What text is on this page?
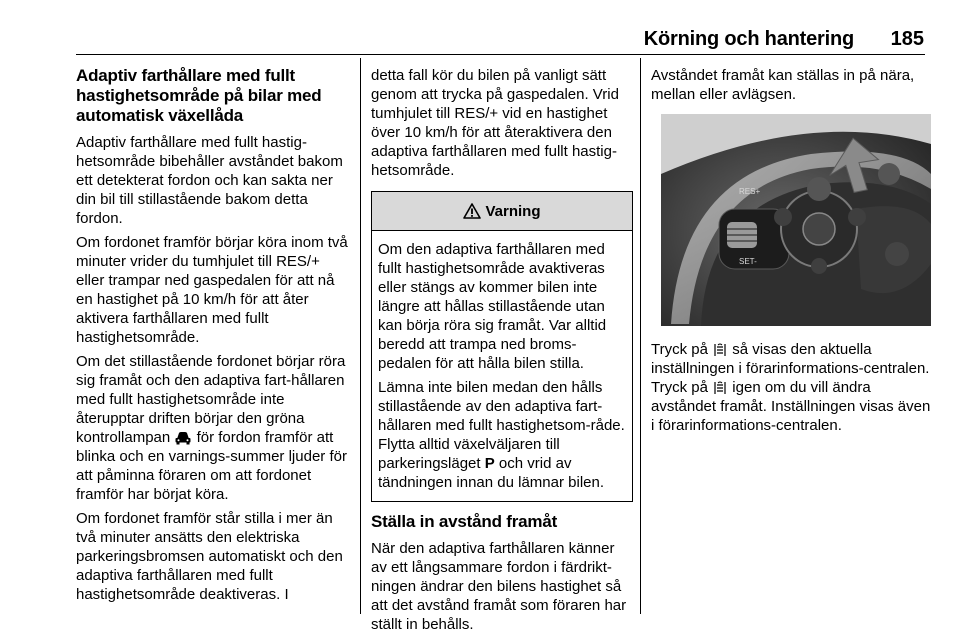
Körning och hantering 185
Adaptiv farthållare med fullt hastighetsområde på bilar med automatisk växellåda

Adaptiv farthållare med fullt hastig-hetsområde bibehåller avståndet bakom ett detekterat fordon och kan sakta ner din bil till stillastående bakom detta fordon.

Om fordonet framför börjar köra inom två minuter vrider du tumhjulet till RES/+ eller trampar ned gaspedalen för att nå en hastighet på 10 km/h för att åter aktivera farthållaren med fullt hastighetsområde.

Om det stillastående fordonet börjar röra sig framåt och den adaptiva fart-hållaren med fullt hastighetsområde inte återupptar driften börjar den gröna kontrollampan för fordon framför att blinka och en varnings-summer ljuder för att påminna föraren om att fordonet framför har börjat köra.

Om fordonet framför står stilla i mer än två minuter ansätts den elektriska parkeringsbromsen automatiskt och den adaptiva farthållaren med fullt hastighetsområde deaktiveras. I

detta fall kör du bilen på vanligt sätt genom att trycka på gaspedalen. Vrid tumhjulet till RES/+ vid en hastighet över 10 km/h för att återaktivera den adaptiva farthållaren med fullt hastig-hetsområde.

Varning

Om den adaptiva farthållaren med fullt hastighetsområde avaktiveras eller stängs av kommer bilen inte längre att hållas stillastående utan kan börja röra sig framåt. Var alltid beredd att trampa ned broms-pedalen för att hålla bilen stilla.

Lämna inte bilen medan den hålls stillastående av den adaptiva fart-hållaren med fullt hastighetsom-råde. Flytta alltid växelväljaren till parkeringsläget P och vrid av tändningen innan du lämnar bilen.

Ställa in avstånd framåt

När den adaptiva farthållaren känner av ett långsammare fordon i färdrikt-ningen ändrar den bilens hastighet så att det avstånd framåt som föraren har ställt in behålls.

Avståndet framåt kan ställas in på nära, mellan eller avlägsen.

RES+
SET-

Tryck på så visas den aktuella inställningen i förarinformations-centralen. Tryck på igen om du vill ändra avståndet framåt. Inställningen visas även i förarinformations-centralen.
